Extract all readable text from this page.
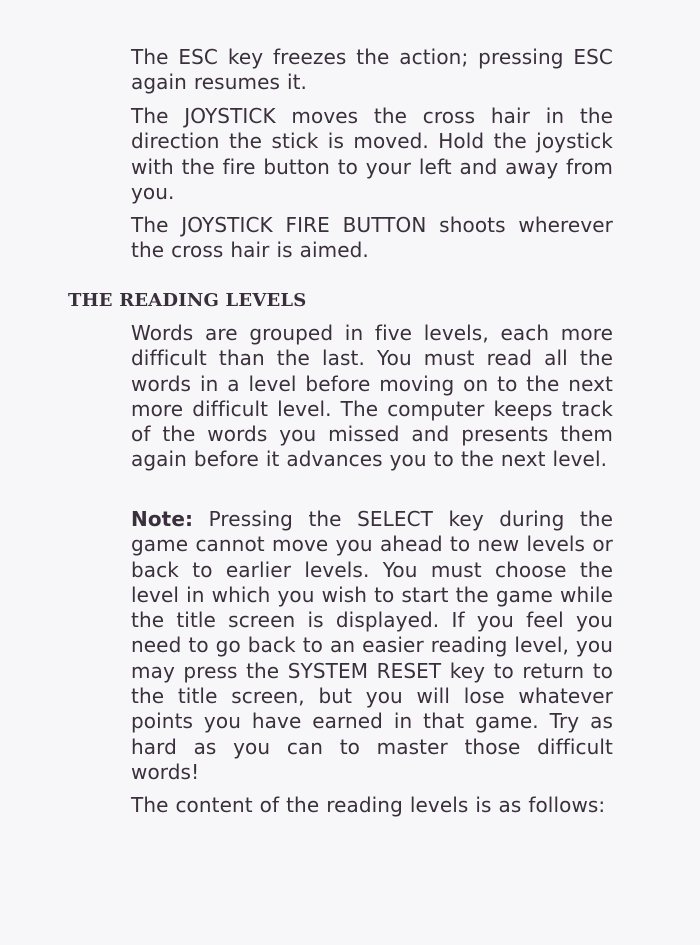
The ESC key freezes the action; pressing ESC again resumes it.

The JOYSTICK moves the cross hair in the direction the stick is moved. Hold the joystick with the fire button to your left and away from you.

The JOYSTICK FIRE BUTTON shoots wherever the cross hair is aimed.

THE READING LEVELS

Words are grouped in five levels, each more difficult than the last. You must read all the words in a level before moving on to the next more difficult level. The computer keeps track of the words you missed and presents them again before it advances you to the next level.

Note: Pressing the SELECT key during the game cannot move you ahead to new levels or back to earlier levels. You must choose the level in which you wish to start the game while the title screen is displayed. If you feel you need to go back to an easier reading level, you may press the SYSTEM RESET key to return to the title screen, but you will lose whatever points you have earned in that game. Try as hard as you can to master those difficult words!

The content of the reading levels is as follows:
